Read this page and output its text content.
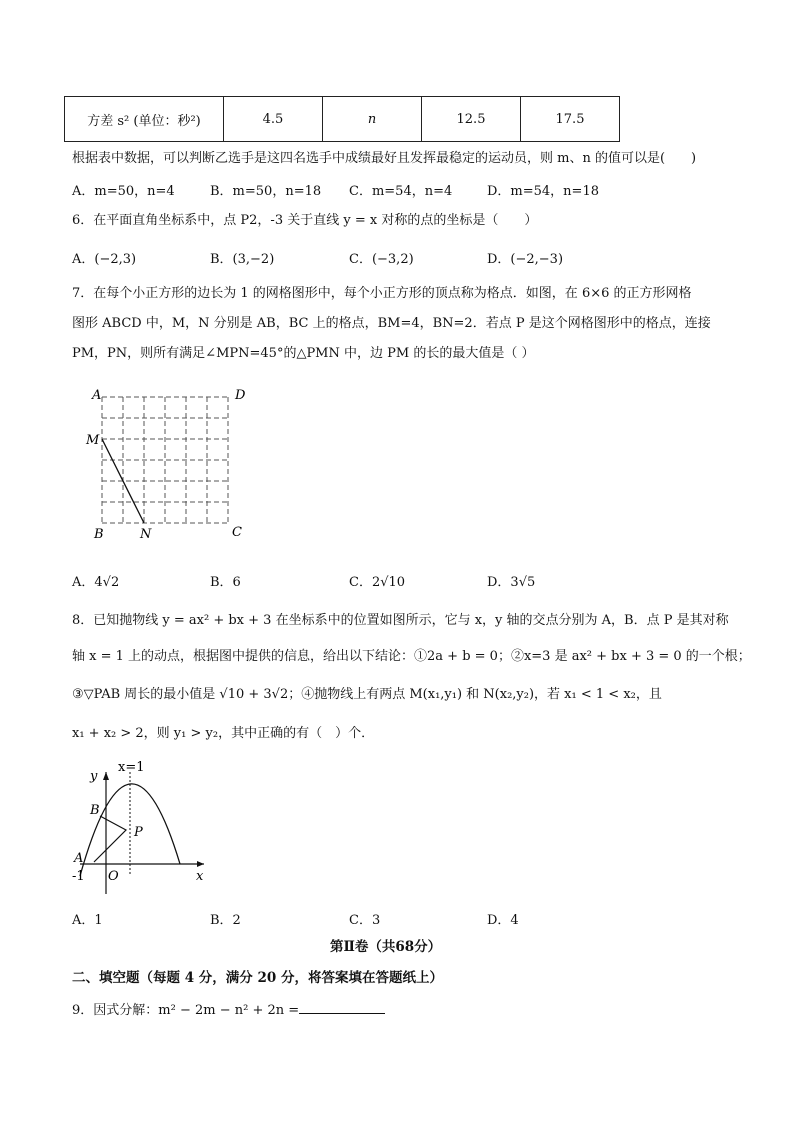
方差 s² (单位：秒²)	4.5	n	12.5	17.5
根据表中数据，可以判断乙选手是这四名选手中成绩最好且发挥最稳定的运动员，则 m、n 的值可以是(　　)
A．m=50，n=4	B．m=50，n=18 C．m=54，n=4	D．m=54，n=18
6．在平面直角坐标系中，点 P2，-3 关于直线 y = x 对称的点的坐标是（　　）
A．(−2,3)	B．(3,−2)	C．(−3,2)	D．(−2,−3)
7．在每个小正方形的边长为 1 的网格图形中，每个小正方形的顶点称为格点．如图，在 6×6 的正方形网格
图形 ABCD 中，M，N 分别是 AB，BC 上的格点，BM=4，BN=2．若点 P 是这个网格图形中的格点，连接
PM，PN，则所有满足∠MPN=45°的△PMN 中，边 PM 的长的最大值是（ ）
A	D
M
B	N	C
A．4√2	B．6	C．2√10	D．3√5
8．已知抛物线 y = ax² + bx + 3 在坐标系中的位置如图所示，它与 x，y 轴的交点分别为 A，B．点 P 是其对称
轴 x = 1 上的动点，根据图中提供的信息，给出以下结论：①2a + b = 0；②x=3 是 ax² + bx + 3 = 0 的一个根；
③▽PAB 周长的最小值是 √10 + 3√2；④抛物线上有两点 M(x₁,y₁) 和 N(x₂,y₂)，若 x₁ < 1 < x₂，且
x₁ + x₂ > 2，则 y₁ > y₂，其中正确的有（　）个．
x=1
y
B
P
A
-1 O	x
A．1	B．2	C．3	D．4
第Ⅱ卷（共68分）
二、填空题（每题 4 分，满分 20 分，将答案填在答题纸上）
9．因式分解：m² − 2m − n² + 2n =
